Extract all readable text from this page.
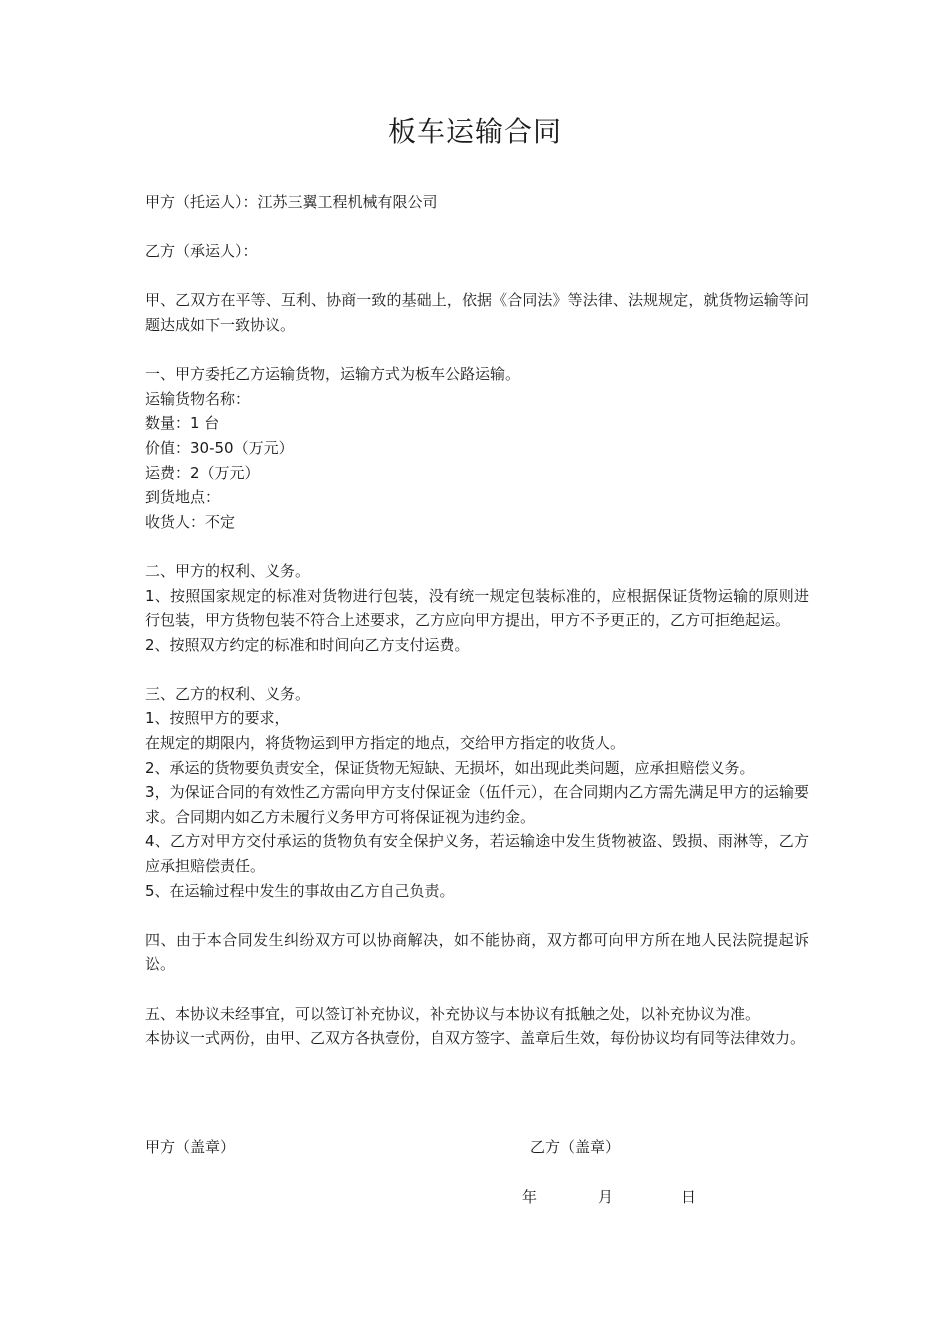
板车运输合同

甲方（托运人）：江苏三翼工程机械有限公司

乙方（承运人）：

甲、乙双方在平等、互利、协商一致的基础上，依据《合同法》等法律、法规规定，就货物运输等问题达成如下一致协议。

一、甲方委托乙方运输货物，运输方式为板车公路运输。

运输货物名称：

数量：1 台

价值：30-50（万元）

运费：2（万元）

到货地点：

收货人：不定

二、甲方的权利、义务。

1、按照国家规定的标准对货物进行包装，没有统一规定包装标准的，应根据保证货物运输的原则进行包装，甲方货物包装不符合上述要求，乙方应向甲方提出，甲方不予更正的，乙方可拒绝起运。

2、按照双方约定的标准和时间向乙方支付运费。

三、乙方的权利、义务。

1、按照甲方的要求，

在规定的期限内，将货物运到甲方指定的地点，交给甲方指定的收货人。

2、承运的货物要负责安全，保证货物无短缺、无损坏，如出现此类问题，应承担赔偿义务。

3，为保证合同的有效性乙方需向甲方支付保证金（伍仟元），在合同期内乙方需先满足甲方的运输要求。合同期内如乙方未履行义务甲方可将保证视为违约金。

4、乙方对甲方交付承运的货物负有安全保护义务，若运输途中发生货物被盗、毁损、雨淋等，乙方应承担赔偿责任。

5、在运输过程中发生的事故由乙方自己负责。

四、由于本合同发生纠纷双方可以协商解决，如不能协商，双方都可向甲方所在地人民法院提起诉讼。

五、本协议未经事宜，可以签订补充协议，补充协议与本协议有抵触之处，以补充协议为准。

本协议一式两份，由甲、乙双方各执壹份，自双方签字、盖章后生效，每份协议均有同等法律效力。

甲方（盖章）	乙方（盖章）
年	月	日
